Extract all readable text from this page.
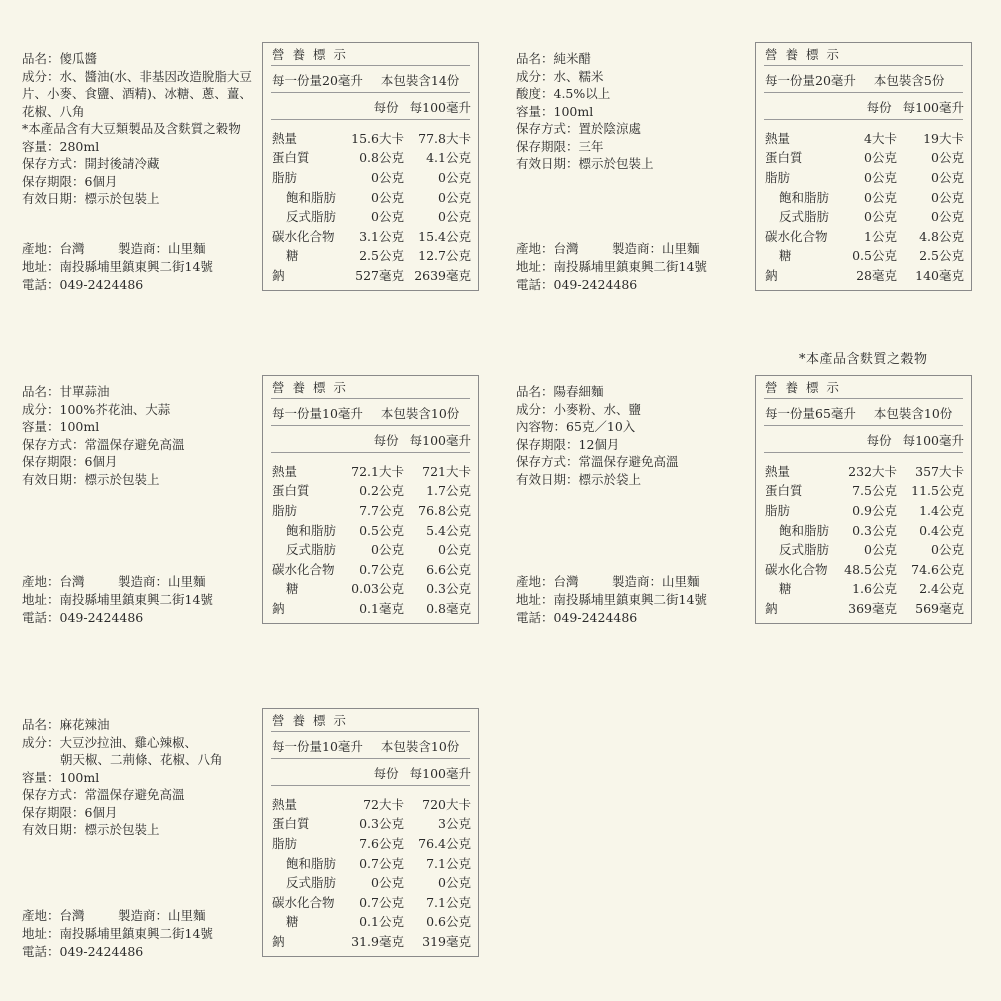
品名：傻瓜醬
成分：水、醬油(水、非基因改造脫脂大豆片、小麥、食鹽、酒精)、冰糖、蔥、薑、花椒、八角
*本產品含有大豆類製品及含麩質之穀物
容量：280ml
保存方式：開封後請冷藏
保存期限：6個月
有效日期：標示於包裝上
產地：台灣	製造商：山里麵
地址：南投縣埔里鎮東興二街14號
電話：049-2424486
營 養 標 示
每一份量20毫升 本包裝含14份
每份 每100毫升
熱量	15.6大卡	77.8大卡
蛋白質	0.8公克	4.1公克
脂肪	0公克	0公克
飽和脂肪	0公克	0公克
反式脂肪	0公克	0公克
碳水化合物	3.1公克	15.4公克
糖	2.5公克	12.7公克
鈉	527毫克 2639毫克
品名：純米醋
成分：水、糯米
酸度：4.5%以上
容量：100ml
保存方式：置於陰涼處
保存期限：三年
有效日期：標示於包裝上
產地：台灣	製造商：山里麵
地址：南投縣埔里鎮東興二街14號
電話：049-2424486
營 養 標 示
每一份量20毫升 本包裝含5份
每份 每100毫升
熱量	4大卡	19大卡
蛋白質	0公克	0公克
脂肪	0公克	0公克
飽和脂肪	0公克	0公克
反式脂肪	0公克	0公克
碳水化合物	1公克	4.8公克
糖	0.5公克	2.5公克
鈉	28毫克	140毫克
品名：甘單蒜油
成分：100%芥花油、大蒜
容量：100ml
保存方式：常溫保存避免高溫
保存期限：6個月
有效日期：標示於包裝上
產地：台灣	製造商：山里麵
地址：南投縣埔里鎮東興二街14號
電話：049-2424486
營 養 標 示
每一份量10毫升 本包裝含10份
每份 每100毫升
熱量	72.1大卡	721大卡
蛋白質	0.2公克	1.7公克
脂肪	7.7公克	76.8公克
飽和脂肪	0.5公克	5.4公克
反式脂肪	0公克	0公克
碳水化合物	0.7公克	6.6公克
糖	0.03公克	0.3公克
鈉	0.1毫克	0.8毫克
品名：陽春細麵
成分：小麥粉、水、鹽
內容物：65克／10入
保存期限：12個月
保存方式：常溫保存避免高溫
有效日期：標示於袋上
產地：台灣	製造商：山里麵
地址：南投縣埔里鎮東興二街14號
電話：049-2424486
營 養 標 示
每一份量65毫升 本包裝含10份
每份 每100毫升
熱量	232大卡	357大卡
蛋白質	7.5公克	11.5公克
脂肪	0.9公克	1.4公克
飽和脂肪	0.3公克	0.4公克
反式脂肪	0公克	0公克
碳水化合物	48.5公克	74.6公克
糖	1.6公克	2.4公克
鈉	369毫克	569毫克
品名：麻花辣油
成分：大豆沙拉油、雞心辣椒、
朝天椒、二荊條、花椒、八角
容量：100ml
保存方式：常溫保存避免高溫
保存期限：6個月
有效日期：標示於包裝上
產地：台灣	製造商：山里麵
地址：南投縣埔里鎮東興二街14號
電話：049-2424486
營 養 標 示
每一份量10毫升 本包裝含10份
每份 每100毫升
熱量	72大卡	720大卡
蛋白質	0.3公克	3公克
脂肪	7.6公克	76.4公克
飽和脂肪	0.7公克	7.1公克
反式脂肪	0公克	0公克
碳水化合物	0.7公克	7.1公克
糖	0.1公克	0.6公克
鈉	31.9毫克	319毫克
*本產品含麩質之穀物
